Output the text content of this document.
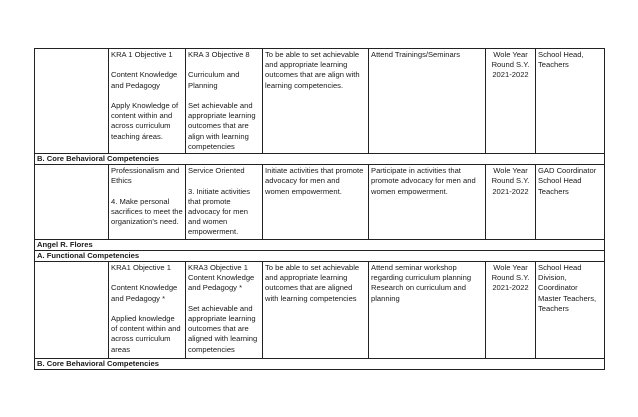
	KRA 1 Objective 1

Content Knowledge and Pedagogy

Apply Knowledge of content within and across curriculum teaching áreas.	KRA 3 Objective 8

Curriculum and Planning

Set achievable and appropriate learning outcomes that are align with learning competencies	To be able to set achievable and appropriate learning outcomes that are align with learning competencies.	Attend Trainings/Seminars	Wole Year Round S.Y. 2021-2022	School Head, Teachers
B. Core Behavioral Competencies						
	Professionalism and Ethics

4. Make personal sacrifices to meet the organization's need.	Service Oriented

3. Initiate activities that promote advocacy for men and women empowerment.	Initiate activities that promote advocacy for men and women empowerment.	Participate in activities that promote advocacy for men and women empowerment.	Wole Year Round S.Y. 2021-2022	GAD Coordinator School Head Teachers
Angel R. Flores						
A. Functional Competencies						
	KRA1 Objective 1

Content Knowledge and Pedagogy *

Applied knowledge of content within and across curriculum areas	KRA3 Objective 1 Content Knowledge and Pedagogy *

Set achievable and appropriate learning outcomes that are aligned with learning competencies	To be able to set achievable and appropriate learning outcomes that are aligned with learning competencies	Attend seminar workshop regarding curriculum planning Research on curriculum and planning	Wole Year Round S.Y. 2021-2022	School Head Division, Coordinator Master Teachers, Teachers
B. Core Behavioral Competencies						
